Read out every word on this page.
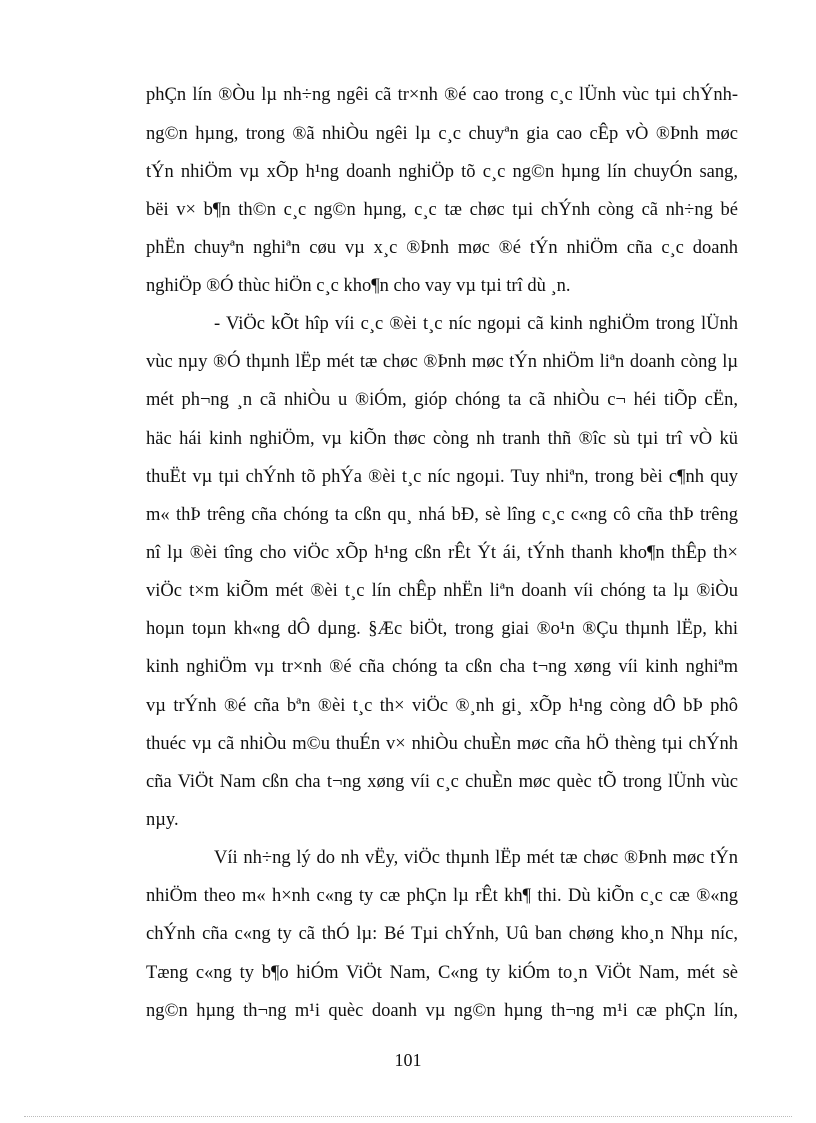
phÇn lín ®Òu lµ nh÷ng ngêi cã tr×nh ®é cao trong c¸c lÜnh vùc tµi chÝnh-
ng©n hµng, trong ®ã nhiÒu ngêi lµ c¸c chuyªn gia cao cÊp vÒ ®Þnh møc
tÝn nhiÖm vµ xÕp h¹ng doanh nghiÖp tõ c¸c ng©n hµng lín chuyÓn sang,
bëi v× b¶n th©n c¸c ng©n hµng, c¸c tæ chøc tµi chÝnh còng cã nh÷ng bé
phËn chuyªn nghiªn cøu vµ x¸c ®Þnh møc ®é tÝn nhiÖm cña c¸c doanh
nghiÖp ®Ó thùc hiÖn c¸c kho¶n cho vay vµ tµi trî dù ¸n.
- ViÖc kÕt hîp víi c¸c ®èi t¸c níc ngoµi cã kinh nghiÖm trong lÜnh
vùc nµy ®Ó thµnh lËp mét tæ chøc ®Þnh møc tÝn nhiÖm liªn doanh còng lµ
mét ph¬ng ¸n cã nhiÒu u ®iÓm, gióp chóng ta cã nhiÒu c¬ héi tiÕp cËn,
häc hái kinh nghiÖm, vµ kiÕn thøc còng nh tranh thñ ®îc sù tµi trî vÒ kü
thuËt vµ tµi chÝnh tõ phÝa ®èi t¸c níc ngoµi. Tuy nhiªn, trong bèi c¶nh quy
m« thÞ trêng cña chóng ta cßn qu¸ nhá bÐ, sè lîng c¸c c«ng cô cña thÞ trêng
nî lµ ®èi tîng cho viÖc xÕp h¹ng cßn rÊt Ýt ái, tÝnh thanh kho¶n thÊp th×
viÖc t×m kiÕm mét ®èi t¸c lín chÊp nhËn liªn doanh víi chóng ta lµ ®iÒu
hoµn toµn kh«ng dÔ dµng. §Æc biÖt, trong giai ®o¹n ®Çu thµnh lËp, khi
kinh nghiÖm vµ tr×nh ®é cña chóng ta cßn cha t¬ng xøng víi kinh nghiªm
vµ trÝnh ®é cña bªn ®èi t¸c th× viÖc ®¸nh gi¸ xÕp h¹ng còng dÔ bÞ phô
thuéc vµ cã nhiÒu m©u thuÉn v× nhiÒu chuÈn møc cña hÖ thèng tµi chÝnh
cña ViÖt Nam cßn cha t¬ng xøng víi c¸c chuÈn møc quèc tÕ trong lÜnh vùc
nµy.
Víi nh÷ng lý do nh vËy, viÖc thµnh lËp mét tæ chøc ®Þnh møc tÝn
nhiÖm theo m« h×nh c«ng ty cæ phÇn lµ rÊt kh¶ thi. Dù kiÕn c¸c cæ ®«ng
chÝnh cña c«ng ty cã thÓ lµ: Bé Tµi chÝnh, Uû ban chøng kho¸n Nhµ níc,
Tæng c«ng ty b¶o hiÓm ViÖt Nam, C«ng ty kiÓm to¸n ViÖt Nam, mét sè
ng©n hµng th¬ng m¹i quèc doanh vµ ng©n hµng th¬ng m¹i cæ phÇn lín,
101
